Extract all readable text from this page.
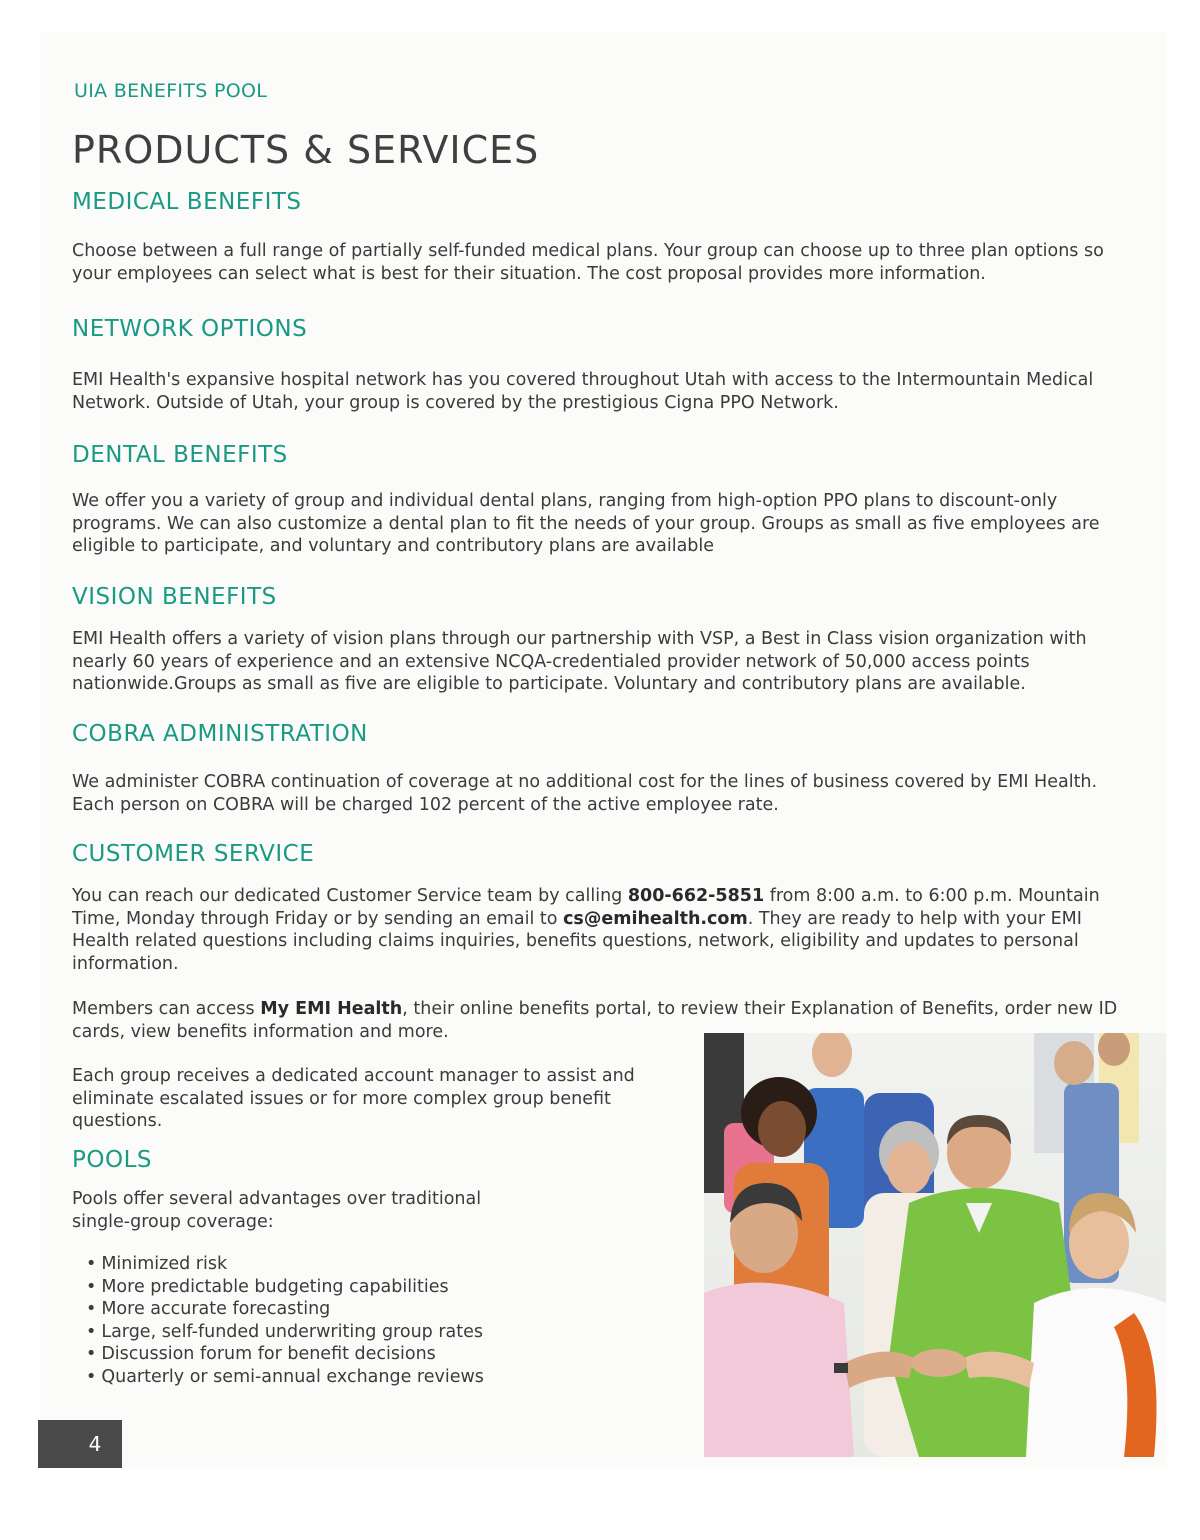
UIA BENEFITS POOL
PRODUCTS & SERVICES
MEDICAL BENEFITS

Choose between a full range of partially self-funded medical plans. Your group can choose up to three plan options so your employees can select what is best for their situation. The cost proposal provides more information.

NETWORK OPTIONS

EMI Health's expansive hospital network has you covered throughout Utah with access to the Intermountain Medical Network. Outside of Utah, your group is covered by the prestigious Cigna PPO Network.

DENTAL BENEFITS

We offer you a variety of group and individual dental plans, ranging from high-option PPO plans to discount-only programs. We can also customize a dental plan to fit the needs of your group. Groups as small as five employees are eligible to participate, and voluntary and contributory plans are available

VISION BENEFITS

EMI Health offers a variety of vision plans through our partnership with VSP, a Best in Class vision organization with nearly 60 years of experience and an extensive NCQA-credentialed provider network of 50,000 access points nationwide.Groups as small as five are eligible to participate. Voluntary and contributory plans are available.

COBRA ADMINISTRATION

We administer COBRA continuation of coverage at no additional cost for the lines of business covered by EMI Health. Each person on COBRA will be charged 102 percent of the active employee rate.

CUSTOMER SERVICE

You can reach our dedicated Customer Service team by calling 800-662-5851 from 8:00 a.m. to 6:00 p.m. Mountain Time, Monday through Friday or by sending an email to cs@emihealth.com. They are ready to help with your EMI Health related questions including claims inquiries, benefits questions, network, eligibility and updates to personal information.

Members can access My EMI Health, their online benefits portal, to review their Explanation of Benefits, order new ID cards, view benefits information and more.

Each group receives a dedicated account manager to assist and eliminate escalated issues or for more complex group benefit questions.

POOLS

Pools offer several advantages over traditional single-group coverage:

• Minimized risk
• More predictable budgeting capabilities
• More accurate forecasting
• Large, self-funded underwriting group rates
• Discussion forum for benefit decisions
• Quarterly or semi-annual exchange reviews
4
